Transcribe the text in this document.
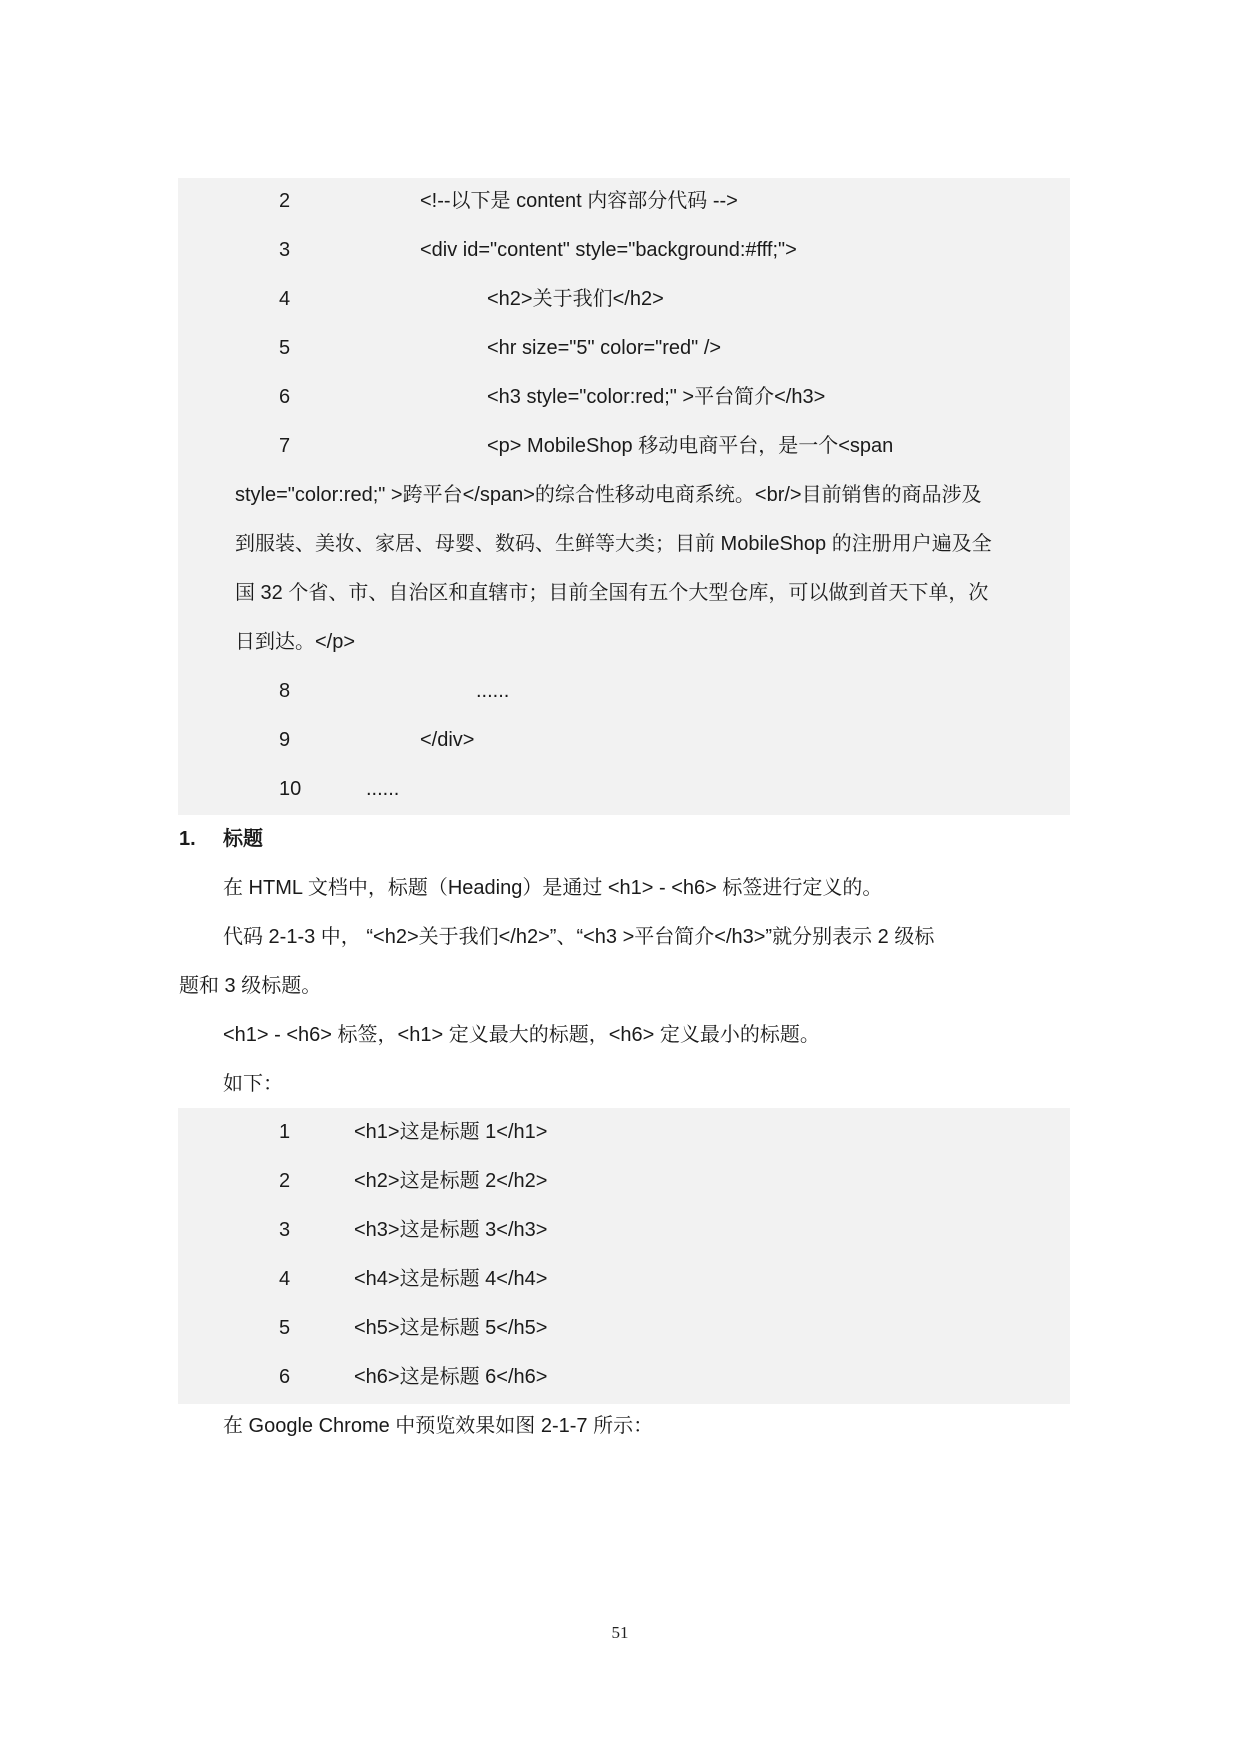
2	<!--以下是 content 内容部分代码 -->
3	<div id="content" style="background:#fff;">
4	<h2>关于我们</h2>
5	<hr size="5" color="red" />
6	<h3 style="color:red;" >平台简介</h3>
7	<p> MobileShop 移动电商平台，是一个<span
style="color:red;" >跨平台</span>的综合性移动电商系统。<br/>目前销售的商品涉及
到服装、美妆、家居、母婴、数码、生鲜等大类；目前 MobileShop 的注册用户遍及全
国 32 个省、市、自治区和直辖市；目前全国有五个大型仓库，可以做到首天下单，次
日到达。</p>
8	......
9	</div>
10	......
1. 标题
在 HTML 文档中，标题（Heading）是通过 <h1> - <h6> 标签进行定义的。
代码 2-1-3 中， “<h2>关于我们</h2>”、“<h3 >平台简介</h3>”就分别表示 2 级标
题和 3 级标题。
<h1> - <h6> 标签，<h1> 定义最大的标题，<h6> 定义最小的标题。
如下：
1	<h1>这是标题 1</h1>
2	<h2>这是标题 2</h2>
3	<h3>这是标题 3</h3>
4	<h4>这是标题 4</h4>
5	<h5>这是标题 5</h5>
6	<h6>这是标题 6</h6>
在 Google Chrome 中预览效果如图 2-1-7 所示：
51
